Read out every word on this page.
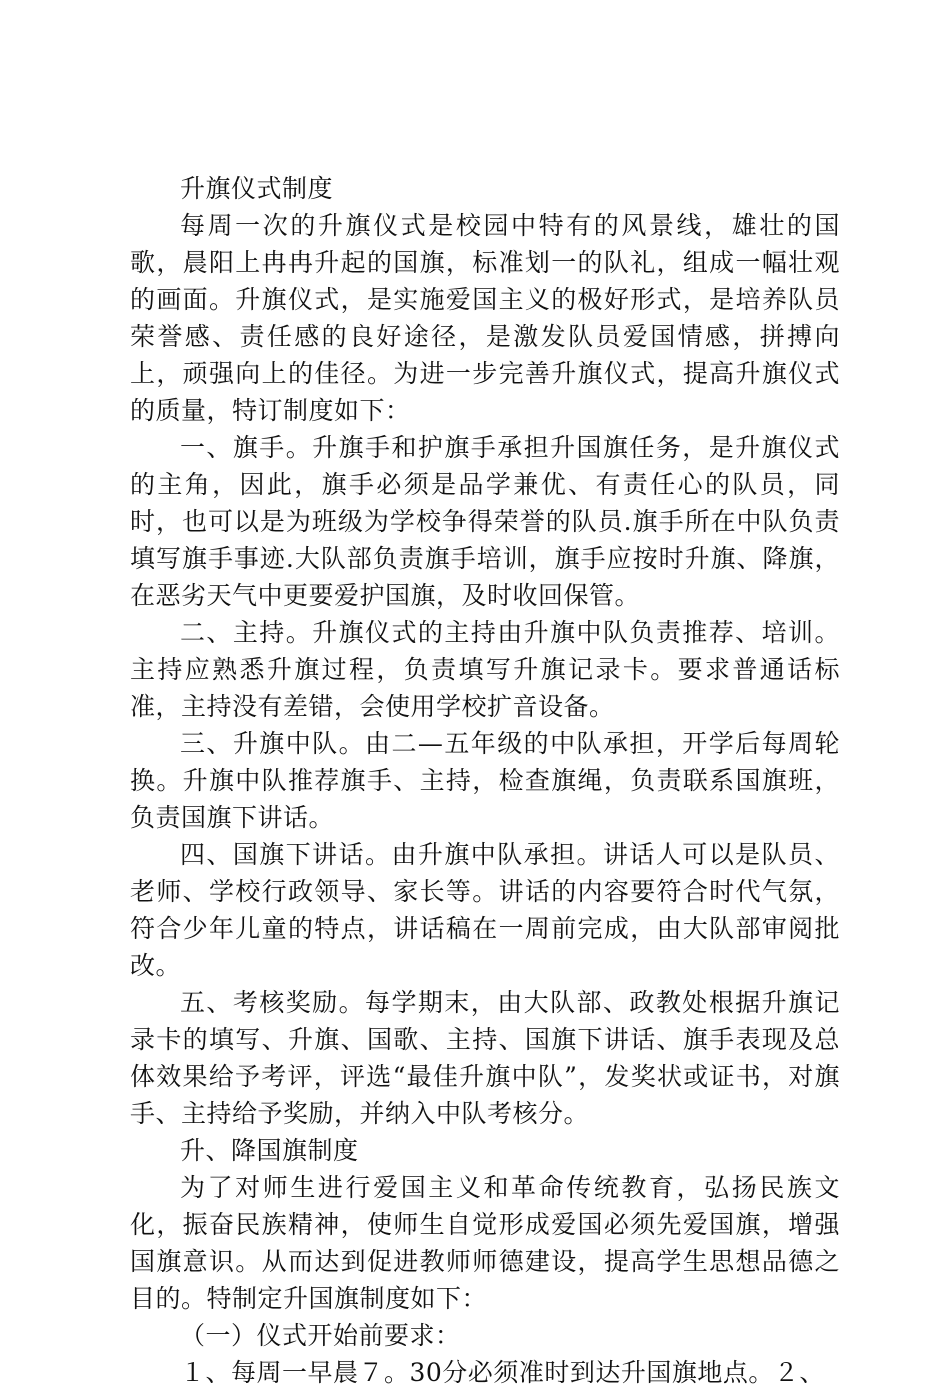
升旗仪式制度

每周一次的升旗仪式是校园中特有的风景线，雄壮的国歌，晨阳上冉冉升起的国旗，标准划一的队礼，组成一幅壮观的画面。升旗仪式，是实施爱国主义的极好形式，是培养队员荣誉感、责任感的良好途径，是激发队员爱国情感，拼搏向上，顽强向上的佳径。为进一步完善升旗仪式，提高升旗仪式的质量，特订制度如下：

一、旗手。升旗手和护旗手承担升国旗任务，是升旗仪式的主角，因此，旗手必须是品学兼优、有责任心的队员，同时，也可以是为班级为学校争得荣誉的队员.旗手所在中队负责填写旗手事迹.大队部负责旗手培训，旗手应按时升旗、降旗，在恶劣天气中更要爱护国旗，及时收回保管。

二、主持。升旗仪式的主持由升旗中队负责推荐、培训。主持应熟悉升旗过程，负责填写升旗记录卡。要求普通话标准，主持没有差错，会使用学校扩音设备。

三、升旗中队。由二—五年级的中队承担，开学后每周轮换。升旗中队推荐旗手、主持，检查旗绳，负责联系国旗班，负责国旗下讲话。

四、国旗下讲话。由升旗中队承担。讲话人可以是队员、老师、学校行政领导、家长等。讲话的内容要符合时代气氛，符合少年儿童的特点，讲话稿在一周前完成，由大队部审阅批改。

五、考核奖励。每学期末，由大队部、政教处根据升旗记录卡的填写、升旗、国歌、主持、国旗下讲话、旗手表现及总体效果给予考评，评选“最佳升旗中队”，发奖状或证书，对旗手、主持给予奖励，并纳入中队考核分。

升、降国旗制度

为了对师生进行爱国主义和革命传统教育，弘扬民族文化，振奋民族精神，使师生自觉形成爱国必须先爱国旗，增强国旗意识。从而达到促进教师师德建设，提高学生思想品德之目的。特制定升国旗制度如下：

（一）仪式开始前要求：

１、每周一早晨７。30分必须准时到达升国旗地点。２、
